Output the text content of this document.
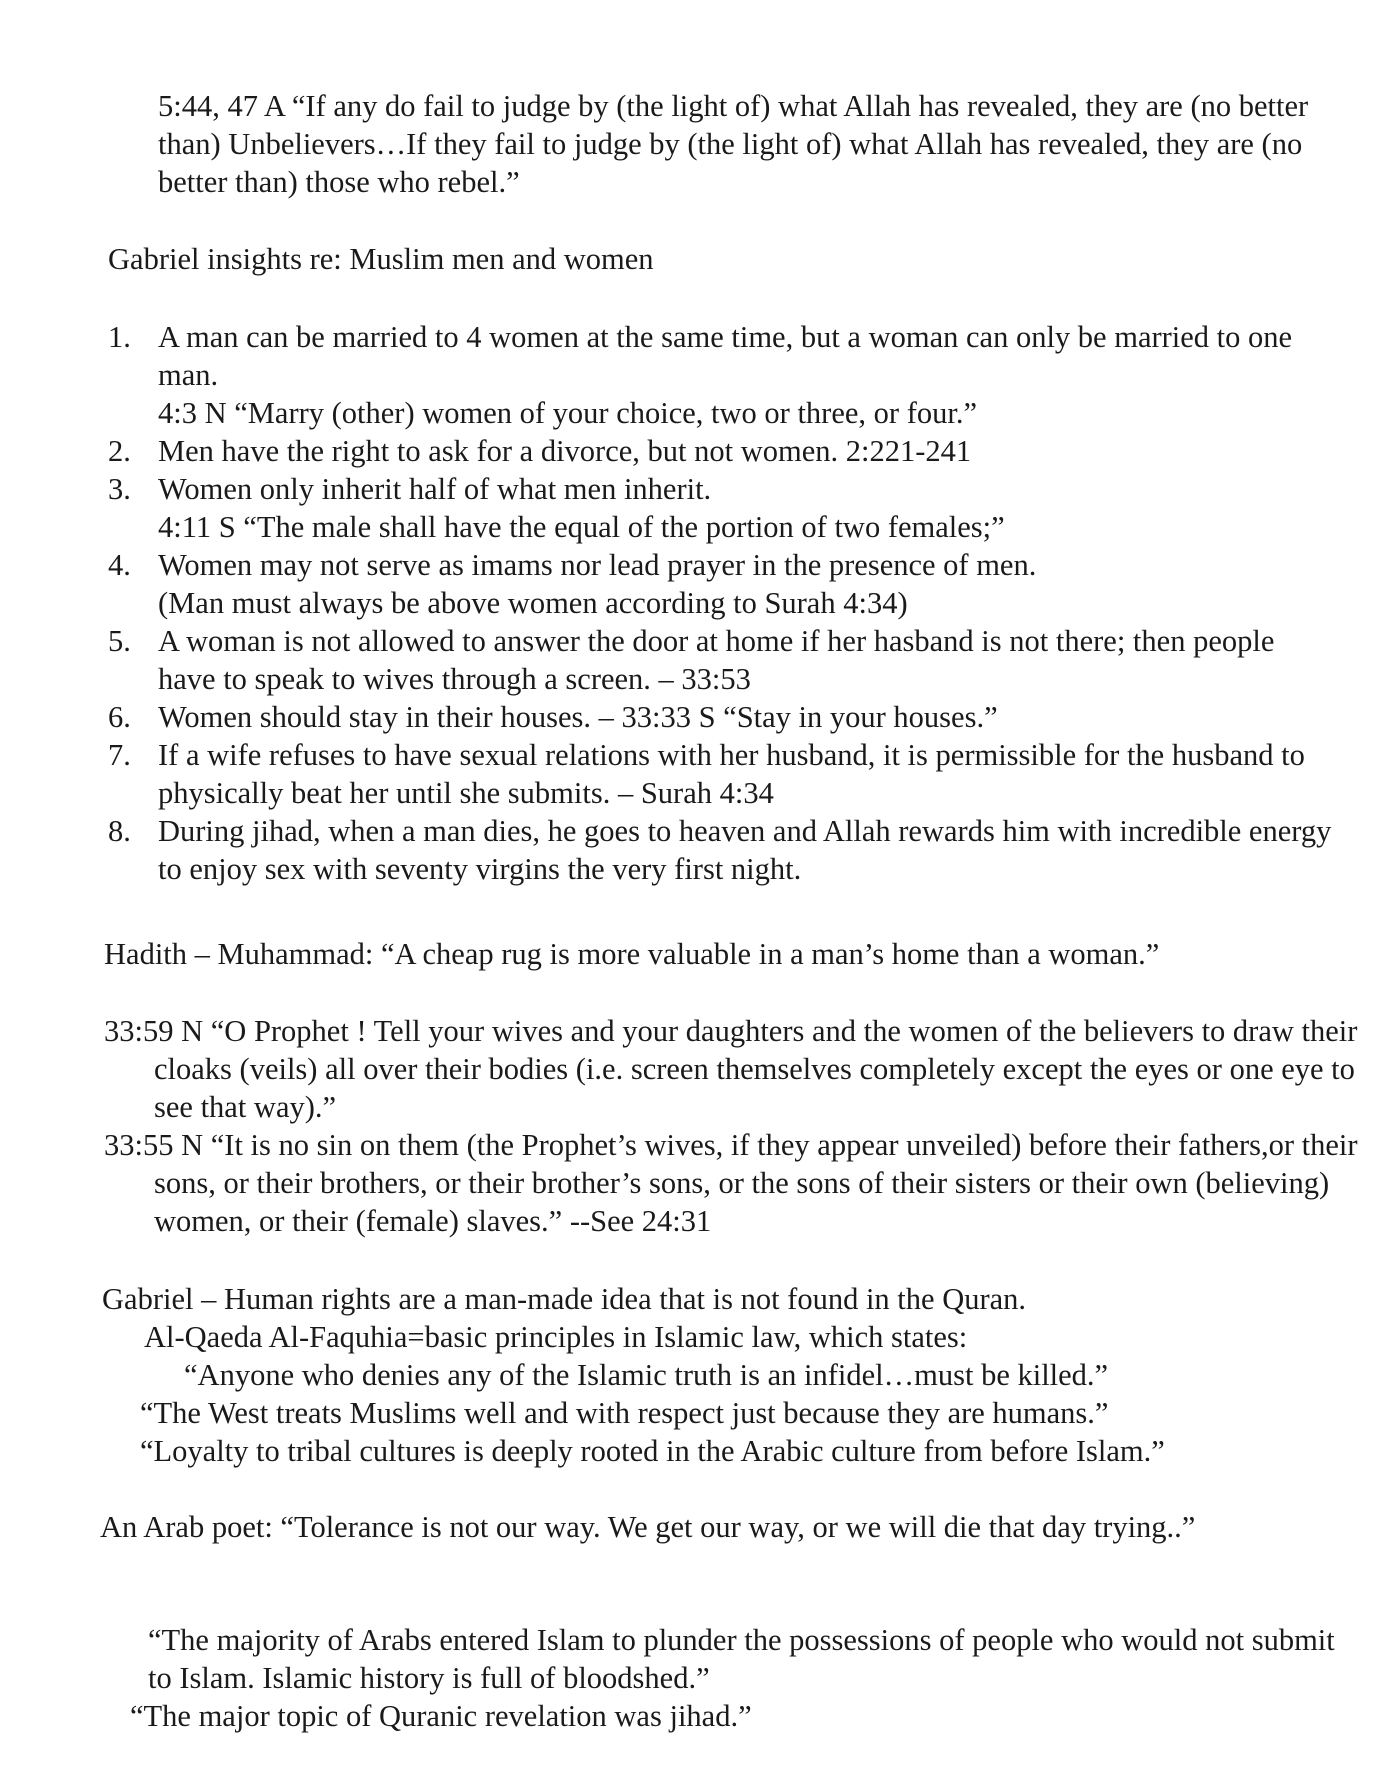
5:44, 47 A “If any do fail to judge by (the light of) what Allah has revealed, they are (no better than) Unbelievers…If they fail to judge by (the light of) what Allah has revealed, they are (no better than) those who rebel.”

Gabriel insights re: Muslim men and women

1. A man can be married to 4 women at the same time, but a woman can only be married to one man.
4:3 N “Marry (other) women of your choice, two or three, or four.”
2. Men have the right to ask for a divorce, but not women. 2:221-241
3. Women only inherit half of what men inherit.
4:11 S “The male shall have the equal of the portion of two females;”
4. Women may not serve as imams nor lead prayer in the presence of men.
(Man must always be above women according to Surah 4:34)
5. A woman is not allowed to answer the door at home if her hasband is not there; then people have to speak to wives through a screen. – 33:53
6. Women should stay in their houses. – 33:33 S “Stay in your houses.”
7. If a wife refuses to have sexual relations with her husband, it is permissible for the husband to physically beat her until she submits. – Surah 4:34
8. During jihad, when a man dies, he goes to heaven and Allah rewards him with incredible energy to enjoy sex with seventy virgins the very first night.

Hadith – Muhammad: “A cheap rug is more valuable in a man’s home than a woman.”

33:59 N “O Prophet ! Tell your wives and your daughters and the women of the believers to draw their cloaks (veils) all over their bodies (i.e. screen themselves completely except the eyes or one eye to see that way).”

33:55 N “It is no sin on them (the Prophet’s wives, if they appear unveiled) before their fathers,or their sons, or their brothers, or their brother’s sons, or the sons of their sisters or their own (believing) women, or their (female) slaves.” --See 24:31

Gabriel – Human rights are a man-made idea that is not found in the Quran.
Al-Qaeda Al-Faquhia=basic principles in Islamic law, which states:
“Anyone who denies any of the Islamic truth is an infidel…must be killed.”
“The West treats Muslims well and with respect just because they are humans.”
“Loyalty to tribal cultures is deeply rooted in the Arabic culture from before Islam.”

An Arab poet: “Tolerance is not our way. We get our way, or we will die that day trying..”

“The majority of Arabs entered Islam to plunder the possessions of people who would not submit to Islam. Islamic history is full of bloodshed.”

“The major topic of Quranic revelation was jihad.”
